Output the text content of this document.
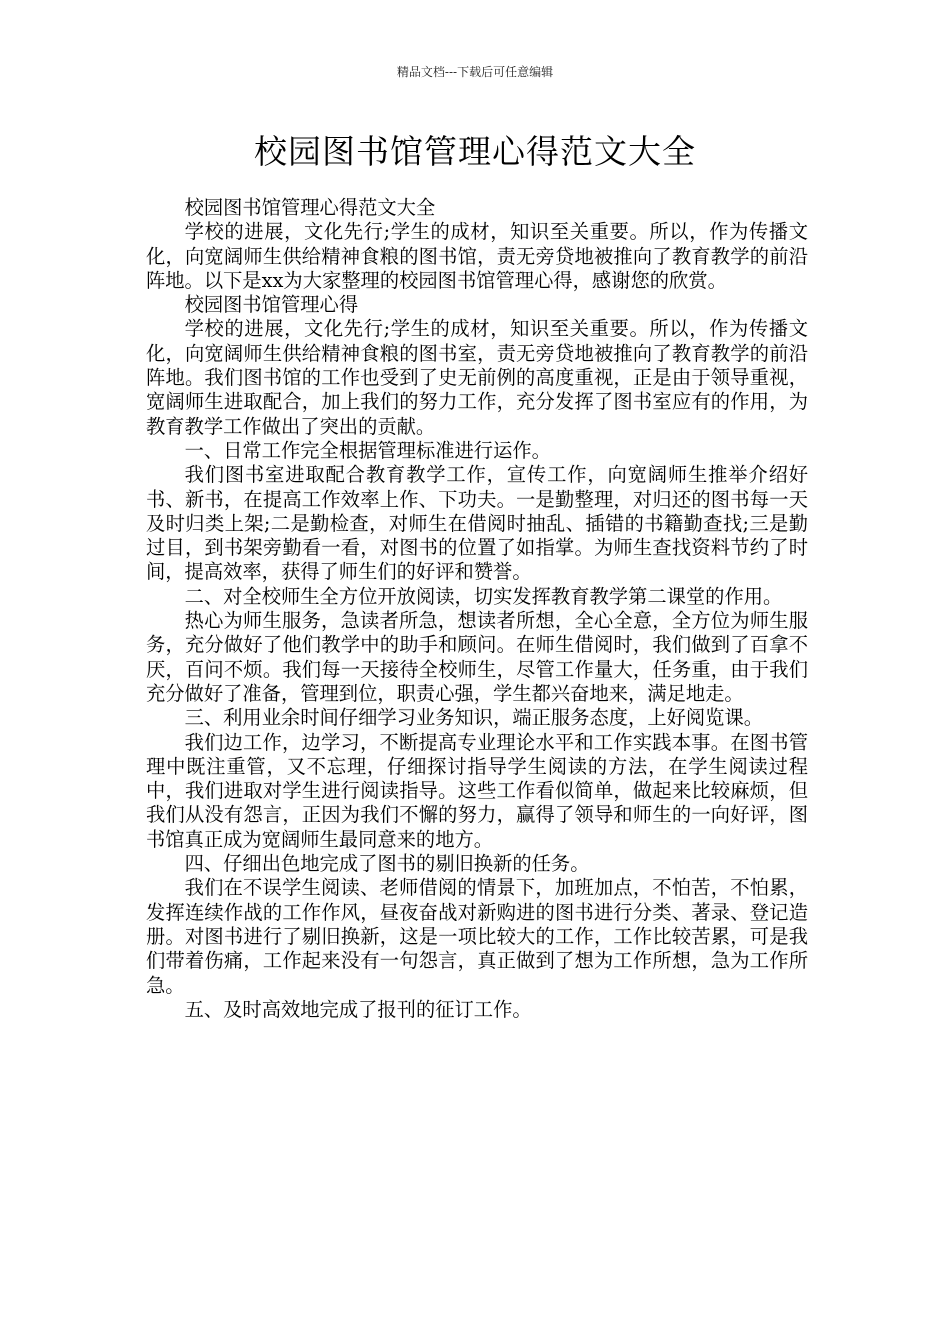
精品文档---下载后可任意编辑
校园图书馆管理心得范文大全

校园图书馆管理心得范文大全

学校的进展，文化先行;学生的成材，知识至关重要。所以，作为传播文化，向宽阔师生供给精神食粮的图书馆，责无旁贷地被推向了教育教学的前沿阵地。以下是xx为大家整理的校园图书馆管理心得，感谢您的欣赏。

校园图书馆管理心得

学校的进展，文化先行;学生的成材，知识至关重要。所以，作为传播文化，向宽阔师生供给精神食粮的图书室，责无旁贷地被推向了教育教学的前沿阵地。我们图书馆的工作也受到了史无前例的高度重视，正是由于领导重视，宽阔师生进取配合，加上我们的努力工作，充分发挥了图书室应有的作用，为教育教学工作做出了突出的贡献。

一、日常工作完全根据管理标准进行运作。

我们图书室进取配合教育教学工作，宣传工作，向宽阔师生推举介绍好书、新书，在提高工作效率上作、下功夫。一是勤整理，对归还的图书每一天及时归类上架;二是勤检查，对师生在借阅时抽乱、插错的书籍勤查找;三是勤过目，到书架旁勤看一看，对图书的位置了如指掌。为师生查找资料节约了时间，提高效率，获得了师生们的好评和赞誉。

二、对全校师生全方位开放阅读，切实发挥教育教学第二课堂的作用。

热心为师生服务，急读者所急，想读者所想，全心全意，全方位为师生服务，充分做好了他们教学中的助手和顾问。在师生借阅时，我们做到了百拿不厌，百问不烦。我们每一天接待全校师生，尽管工作量大，任务重，由于我们充分做好了准备，管理到位，职责心强，学生都兴奋地来，满足地走。

三、利用业余时间仔细学习业务知识，端正服务态度，上好阅览课。

我们边工作，边学习，不断提高专业理论水平和工作实践本事。在图书管理中既注重管，又不忘理，仔细探讨指导学生阅读的方法，在学生阅读过程中，我们进取对学生进行阅读指导。这些工作看似简单，做起来比较麻烦，但我们从没有怨言，正因为我们不懈的努力，赢得了领导和师生的一向好评，图书馆真正成为宽阔师生最同意来的地方。

四、仔细出色地完成了图书的剔旧换新的任务。

我们在不误学生阅读、老师借阅的情景下，加班加点，不怕苦，不怕累，发挥连续作战的工作作风，昼夜奋战对新购进的图书进行分类、著录、登记造册。对图书进行了剔旧换新，这是一项比较大的工作，工作比较苦累，可是我们带着伤痛，工作起来没有一句怨言，真正做到了想为工作所想，急为工作所急。

五、及时高效地完成了报刊的征订工作。
